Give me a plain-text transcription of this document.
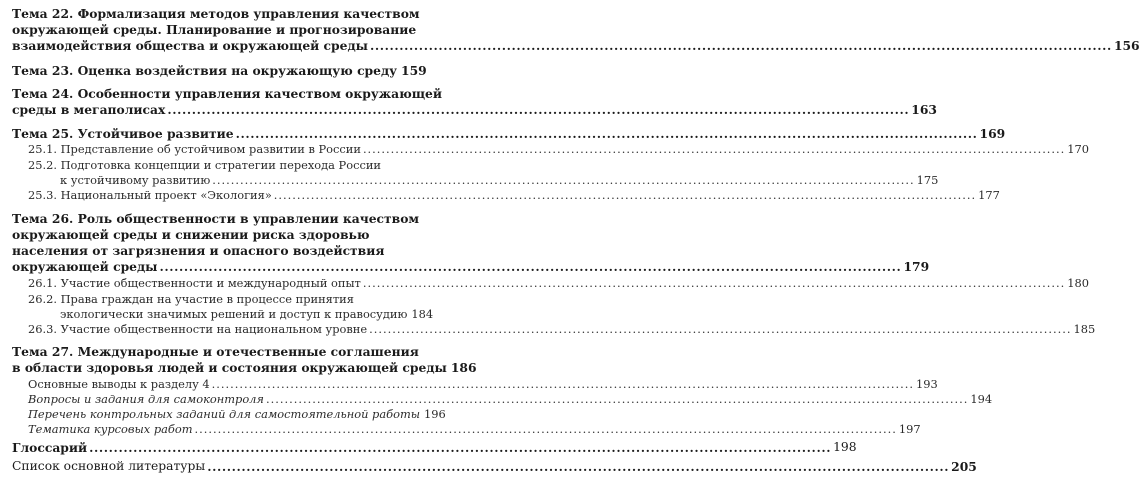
Тема 22. Формализация методов управления качеством
окружающей среды. Планирование и прогнозирование
взаимодействия общества и окружающей среды .....	156
Тема 23. Оценка воздействия на окружающую среду 159
Тема 24. Особенности управления качеством окружающей
среды в мегаполисах .....	163
Тема 25. Устойчивое развитие .....	169
25.1. Представление об устойчивом развитии в России .....	170
25.2. Подготовка концепции и стратегии перехода России
к устойчивому развитию .....	175
25.3. Национальный проект «Экология» .....	177
Тема 26. Роль общественности в управлении качеством
окружающей среды и снижении риска здоровью
населения от загрязнения и опасного воздействия
окружающей среды .....	179
26.1. Участие общественности и международный опыт .....	180
26.2. Права граждан на участие в процессе принятия
экологически значимых решений и доступ к правосудию 184
26.3. Участие общественности на национальном уровне .....	185
Тема 27. Международные и отечественные соглашения
в области здоровья людей и состояния окружающей среды 186
Основные выводы к разделу 4 .....	193
Вопросы и задания для самоконтроля .....	194
Перечень контрольных заданий для самостоятельной работы 196
Тематика курсовых работ .....	197
Глоссарий .....	198
Список основной литературы .....	205
